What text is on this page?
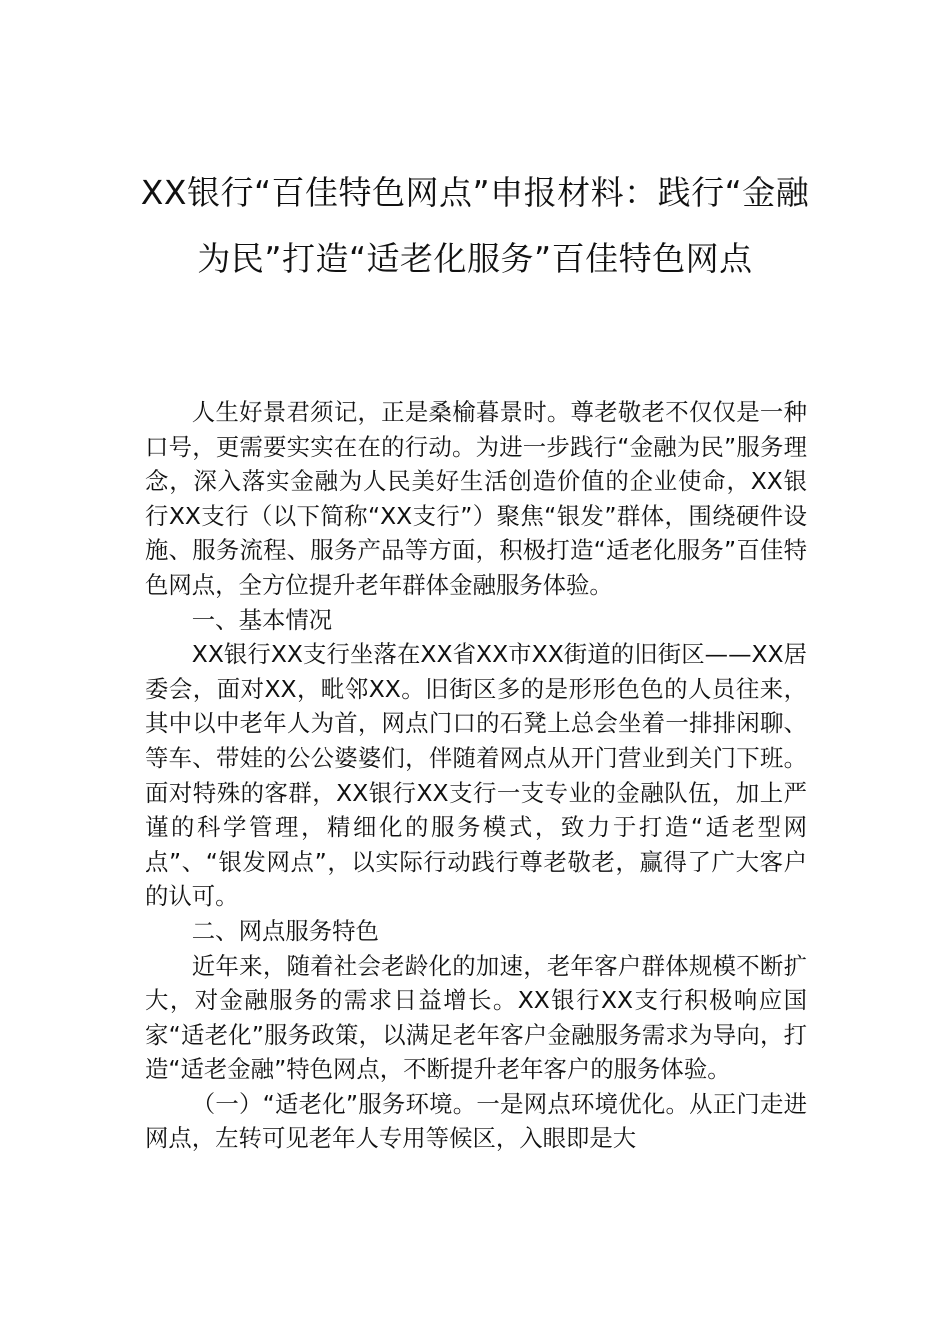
XX银行“百佳特色网点”申报材料：践行“金融为民”打造“适老化服务”百佳特色网点

人生好景君须记，正是桑榆暮景时。尊老敬老不仅仅是一种口号，更需要实实在在的行动。为进一步践行“金融为民”服务理念，深入落实金融为人民美好生活创造价值的企业使命，XX银行XX支行（以下简称“XX支行”）聚焦“银发”群体，围绕硬件设施、服务流程、服务产品等方面，积极打造“适老化服务”百佳特色网点，全方位提升老年群体金融服务体验。

一、基本情况

XX银行XX支行坐落在XX省XX市XX街道的旧街区——XX居委会，面对XX，毗邻XX。旧街区多的是形形色色的人员往来，其中以中老年人为首，网点门口的石凳上总会坐着一排排闲聊、等车、带娃的公公婆婆们，伴随着网点从开门营业到关门下班。面对特殊的客群，XX银行XX支行一支专业的金融队伍，加上严谨的科学管理，精细化的服务模式，致力于打造“适老型网点”、“银发网点”，以实际行动践行尊老敬老，赢得了广大客户的认可。

二、网点服务特色

近年来，随着社会老龄化的加速，老年客户群体规模不断扩大，对金融服务的需求日益增长。XX银行XX支行积极响应国家“适老化”服务政策，以满足老年客户金融服务需求为导向，打造“适老金融”特色网点，不断提升老年客户的服务体验。

（一）“适老化”服务环境。一是网点环境优化。从正门走进网点，左转可见老年人专用等候区，入眼即是大
